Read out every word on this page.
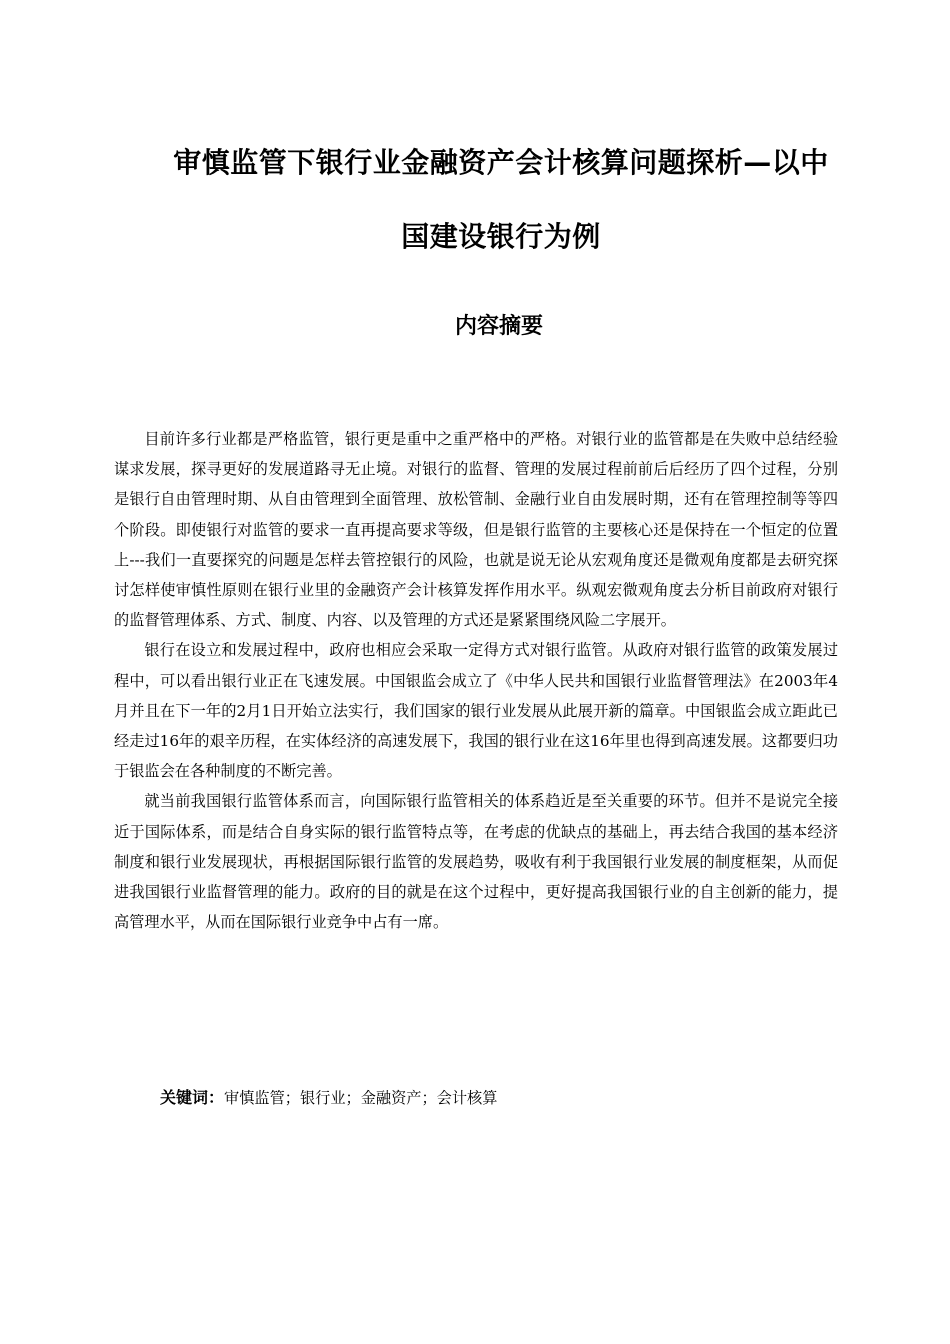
审慎监管下银行业金融资产会计核算问题探析—以中
国建设银行为例
内容摘要

目前许多行业都是严格监管，银行更是重中之重严格中的严格。对银行业的监管都是在失败中总结经验谋求发展，探寻更好的发展道路寻无止境。对银行的监督、管理的发展过程前前后后经历了四个过程，分别是银行自由管理时期、从自由管理到全面管理、放松管制、金融行业自由发展时期，还有在管理控制等等四个阶段。即使银行对监管的要求一直再提高要求等级，但是银行监管的主要核心还是保持在一个恒定的位置上---我们一直要探究的问题是怎样去管控银行的风险，也就是说无论从宏观角度还是微观角度都是去研究探讨怎样使审慎性原则在银行业里的金融资产会计核算发挥作用水平。纵观宏微观角度去分析目前政府对银行的监督管理体系、方式、制度、内容、以及管理的方式还是紧紧围绕风险二字展开。

银行在设立和发展过程中，政府也相应会采取一定得方式对银行监管。从政府对银行监管的政策发展过程中，可以看出银行业正在飞速发展。中国银监会成立了《中华人民共和国银行业监督管理法》在2003年4月并且在下一年的2月1日开始立法实行，我们国家的银行业发展从此展开新的篇章。中国银监会成立距此已经走过16年的艰辛历程，在实体经济的高速发展下，我国的银行业在这16年里也得到高速发展。这都要归功于银监会在各种制度的不断完善。

就当前我国银行监管体系而言，向国际银行监管相关的体系趋近是至关重要的环节。但并不是说完全接近于国际体系，而是结合自身实际的银行监管特点等，在考虑的优缺点的基础上，再去结合我国的基本经济制度和银行业发展现状，再根据国际银行监管的发展趋势，吸收有利于我国银行业发展的制度框架，从而促进我国银行业监督管理的能力。政府的目的就是在这个过程中，更好提高我国银行业的自主创新的能力，提高管理水平，从而在国际银行业竞争中占有一席。

关键词：审慎监管；银行业；金融资产；会计核算
